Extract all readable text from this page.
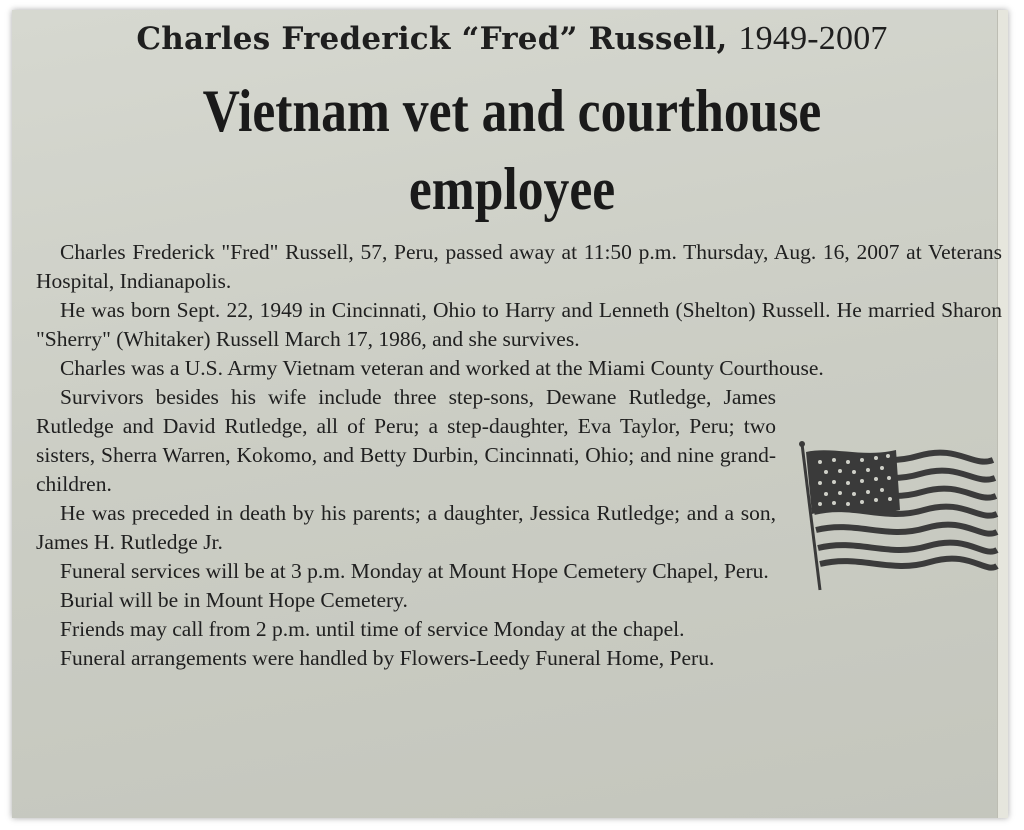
Charles Frederick “Fred” Russell, 1949-2007
Vietnam vet and courthouse employee

Charles Frederick "Fred" Russell, 57, Peru, passed away at 11:50 p.m. Thursday, Aug. 16, 2007 at Veterans Hospital, Indianapolis.

He was born Sept. 22, 1949 in Cincinnati, Ohio to Harry and Lenneth (Shelton) Russell. He married Sharon "Sherry" (Whitaker) Russell March 17, 1986, and she survives.

Charles was a U.S. Army Vietnam veteran and worked at the Miami County Courthouse.

Survivors besides his wife include three step-sons, Dewane Rutledge, James Rutledge and David Rutledge, all of Peru; a step-daughter, Eva Taylor, Peru; two sisters, Sherra Warren, Kokomo, and Betty Durbin, Cincinnati, Ohio; and nine grand-children.

He was preceded in death by his parents; a daughter, Jessica Rutledge; and a son, James H. Rutledge Jr.

Funeral services will be at 3 p.m. Monday at Mount Hope Cemetery Chapel, Peru.

Burial will be in Mount Hope Cemetery.

Friends may call from 2 p.m. until time of service Monday at the chapel.

Funeral arrangements were handled by Flowers-Leedy Funeral Home, Peru.
